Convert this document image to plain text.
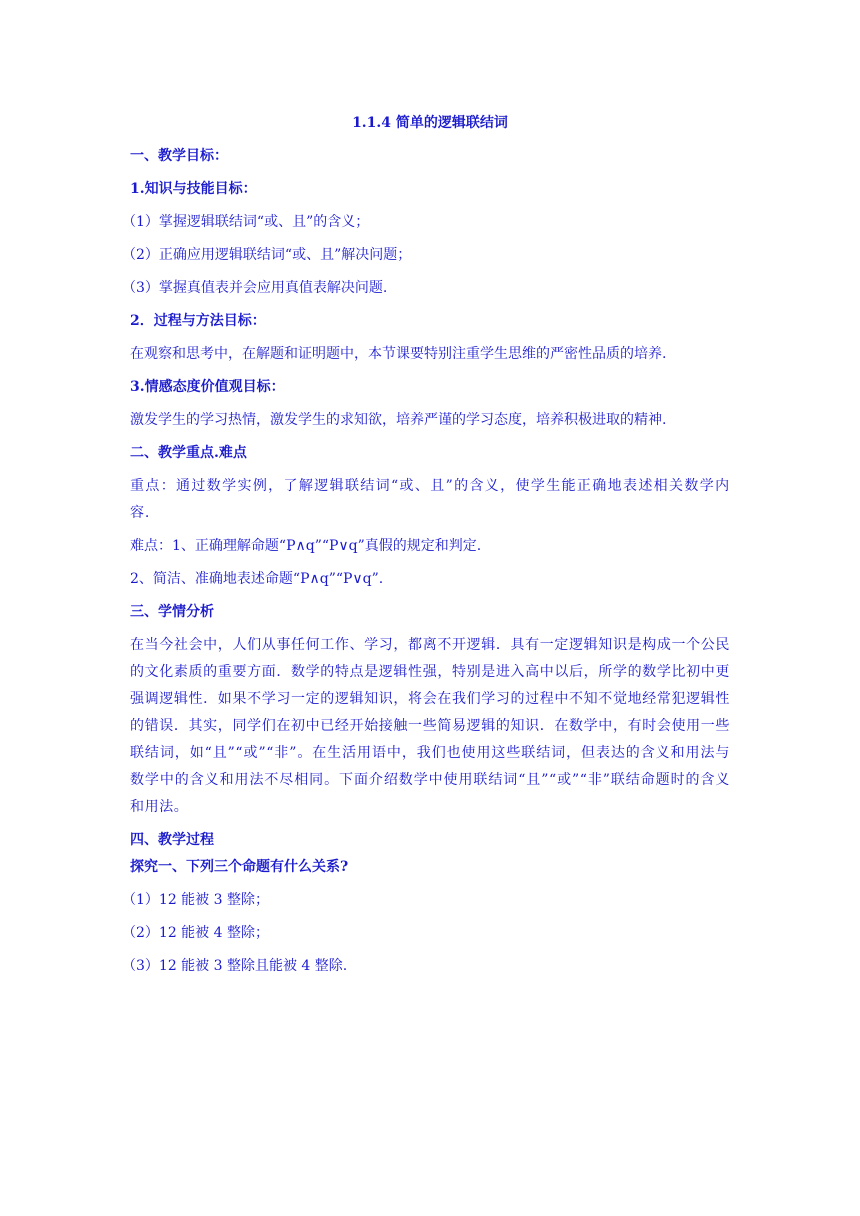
1.1.4 简单的逻辑联结词
一、教学目标：
1.知识与技能目标：
（1）掌握逻辑联结词“或、且”的含义；
（2）正确应用逻辑联结词“或、且”解决问题；
（3）掌握真值表并会应用真值表解决问题.
2．过程与方法目标：
在观察和思考中，在解题和证明题中，本节课要特别注重学生思维的严密性品质的培养.
3.情感态度价值观目标：
激发学生的学习热情，激发学生的求知欲，培养严谨的学习态度，培养积极进取的精神.
二、教学重点.难点
重点：通过数学实例，了解逻辑联结词“或、且”的含义，使学生能正确地表述相关数学内容.
难点：1、正确理解命题“P∧q”“P∨q”真假的规定和判定.
2、简洁、准确地表述命题“P∧q”“P∨q”.
三、学情分析
在当今社会中，人们从事任何工作、学习，都离不开逻辑．具有一定逻辑知识是构成一个公民的文化素质的重要方面．数学的特点是逻辑性强，特别是进入高中以后，所学的数学比初中更强调逻辑性．如果不学习一定的逻辑知识，将会在我们学习的过程中不知不觉地经常犯逻辑性的错误．其实，同学们在初中已经开始接触一些简易逻辑的知识．在数学中，有时会使用一些联结词，如“且”“或”“非”。在生活用语中，我们也使用这些联结词，但表达的含义和用法与数学中的含义和用法不尽相同。下面介绍数学中使用联结词“且”“或”“非”联结命题时的含义和用法。
四、教学过程
探究一、下列三个命题有什么关系?
（1）12 能被 3 整除；
（2）12 能被 4 整除；
（3）12 能被 3 整除且能被 4 整除.
